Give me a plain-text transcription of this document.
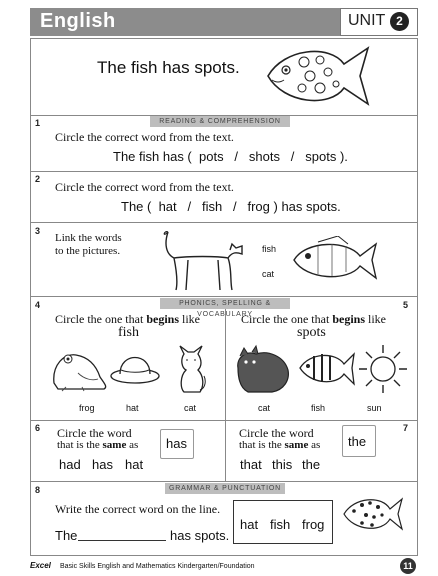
English	UNIT 2
The fish has spots.
READING & COMPREHENSION
1
Circle the correct word from the text.
The fish has ( pots   /   shots   /   spots ).
2
Circle the correct word from the text.
The ( hat   /   fish   /   frog ) has spots.
3
Link the words
to the pictures.	fish
cat
PHONICS, SPELLING & VOCABULARY
4
Circle the one that begins like
fish
frog	hat	cat
5
Circle the one that begins like
spots
cat	fish	sun
6 Circle the word
that is the same as has
had has hat
7
Circle the word
that is the same as the
that this the
GRAMMAR & PUNCTUATION
8
Write the correct word on the line.
The	has spots.
hat fish frog
Excel Basic Skills English and Mathematics Kindergarten/Foundation	11
